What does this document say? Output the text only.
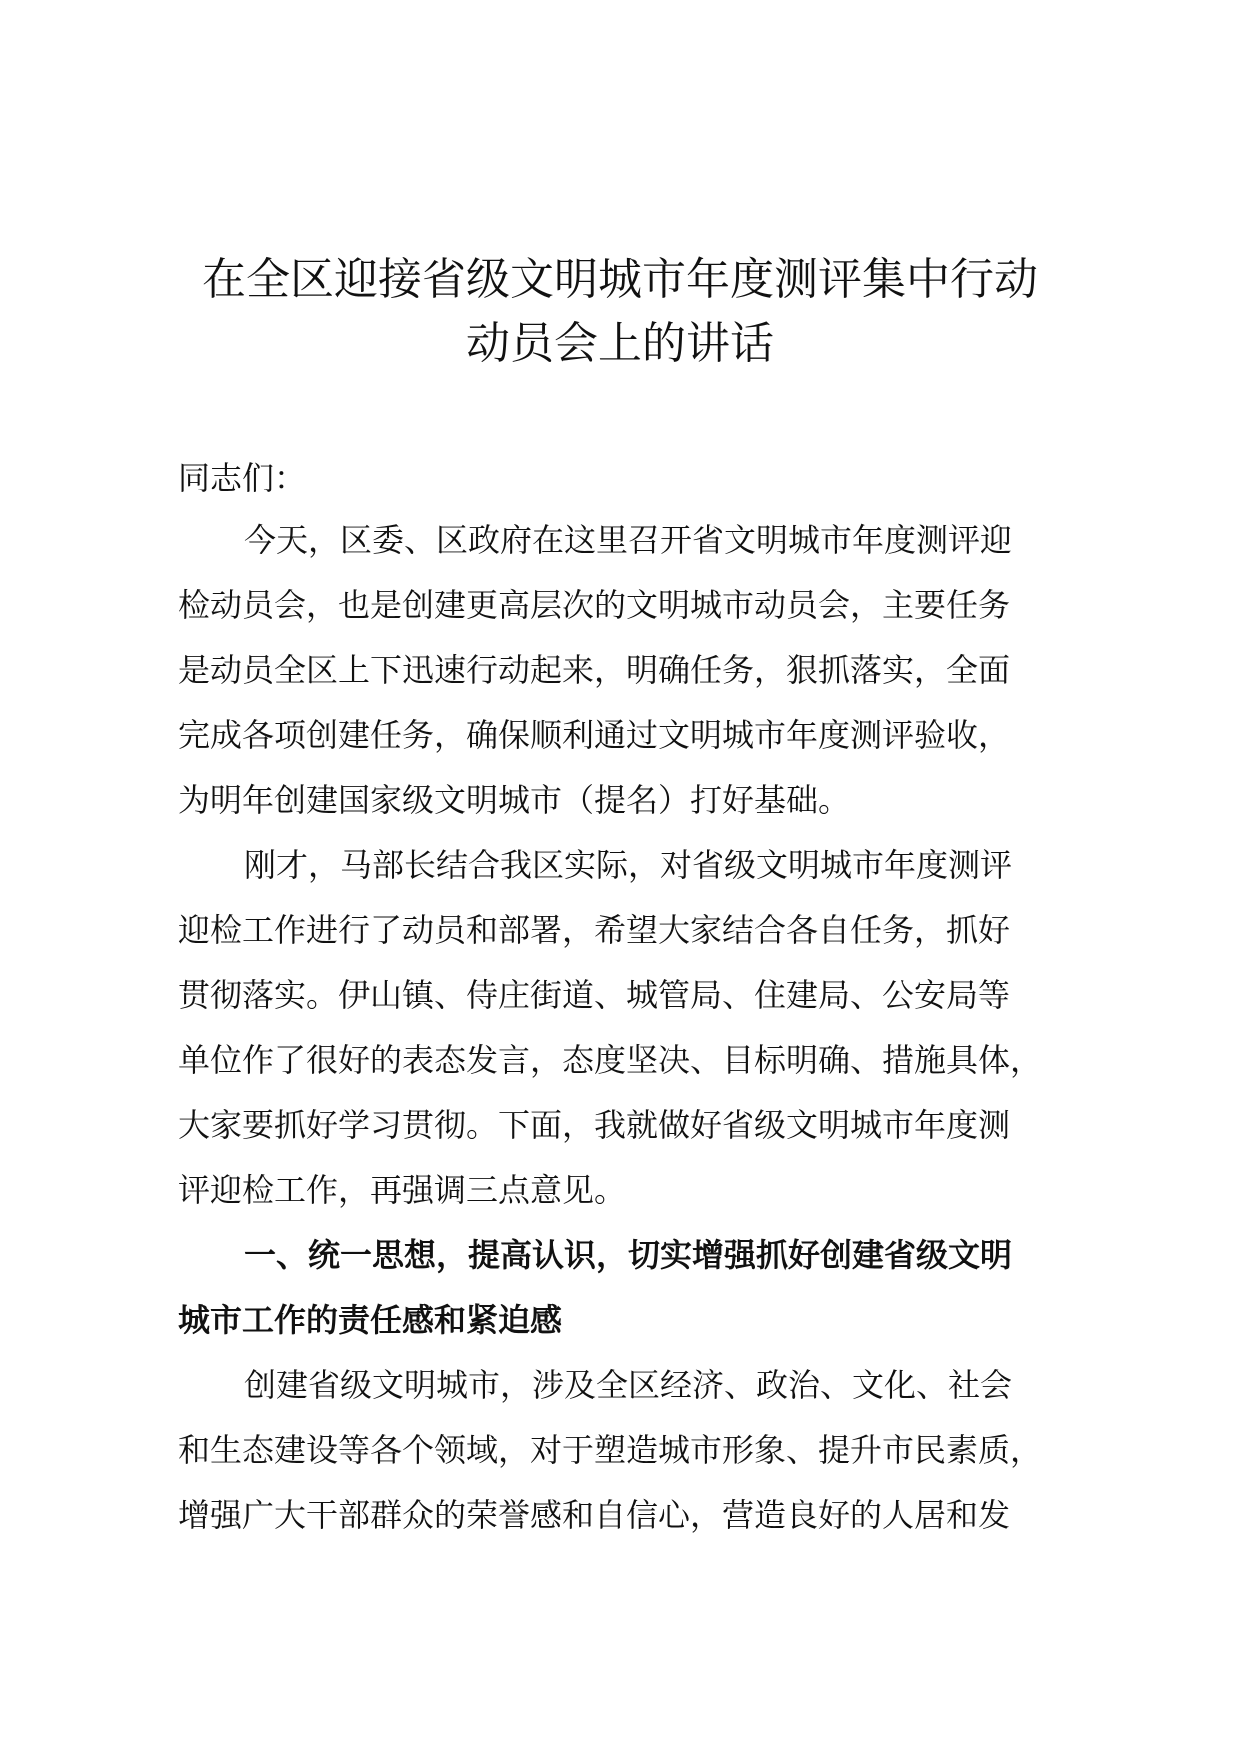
在全区迎接省级文明城市年度测评集中行动
动员会上的讲话

同志们：

今天，区委、区政府在这里召开省文明城市年度测评迎
检动员会，也是创建更高层次的文明城市动员会，主要任务
是动员全区上下迅速行动起来，明确任务，狠抓落实，全面
完成各项创建任务，确保顺利通过文明城市年度测评验收，
为明年创建国家级文明城市（提名）打好基础。
刚才，马部长结合我区实际，对省级文明城市年度测评
迎检工作进行了动员和部署，希望大家结合各自任务，抓好
贯彻落实。伊山镇、侍庄街道、城管局、住建局、公安局等
单位作了很好的表态发言，态度坚决、目标明确、措施具体，
大家要抓好学习贯彻。下面，我就做好省级文明城市年度测
评迎检工作，再强调三点意见。
一、统一思想，提高认识，切实增强抓好创建省级文明
城市工作的责任感和紧迫感
创建省级文明城市，涉及全区经济、政治、文化、社会
和生态建设等各个领域，对于塑造城市形象、提升市民素质，
增强广大干部群众的荣誉感和自信心，营造良好的人居和发
